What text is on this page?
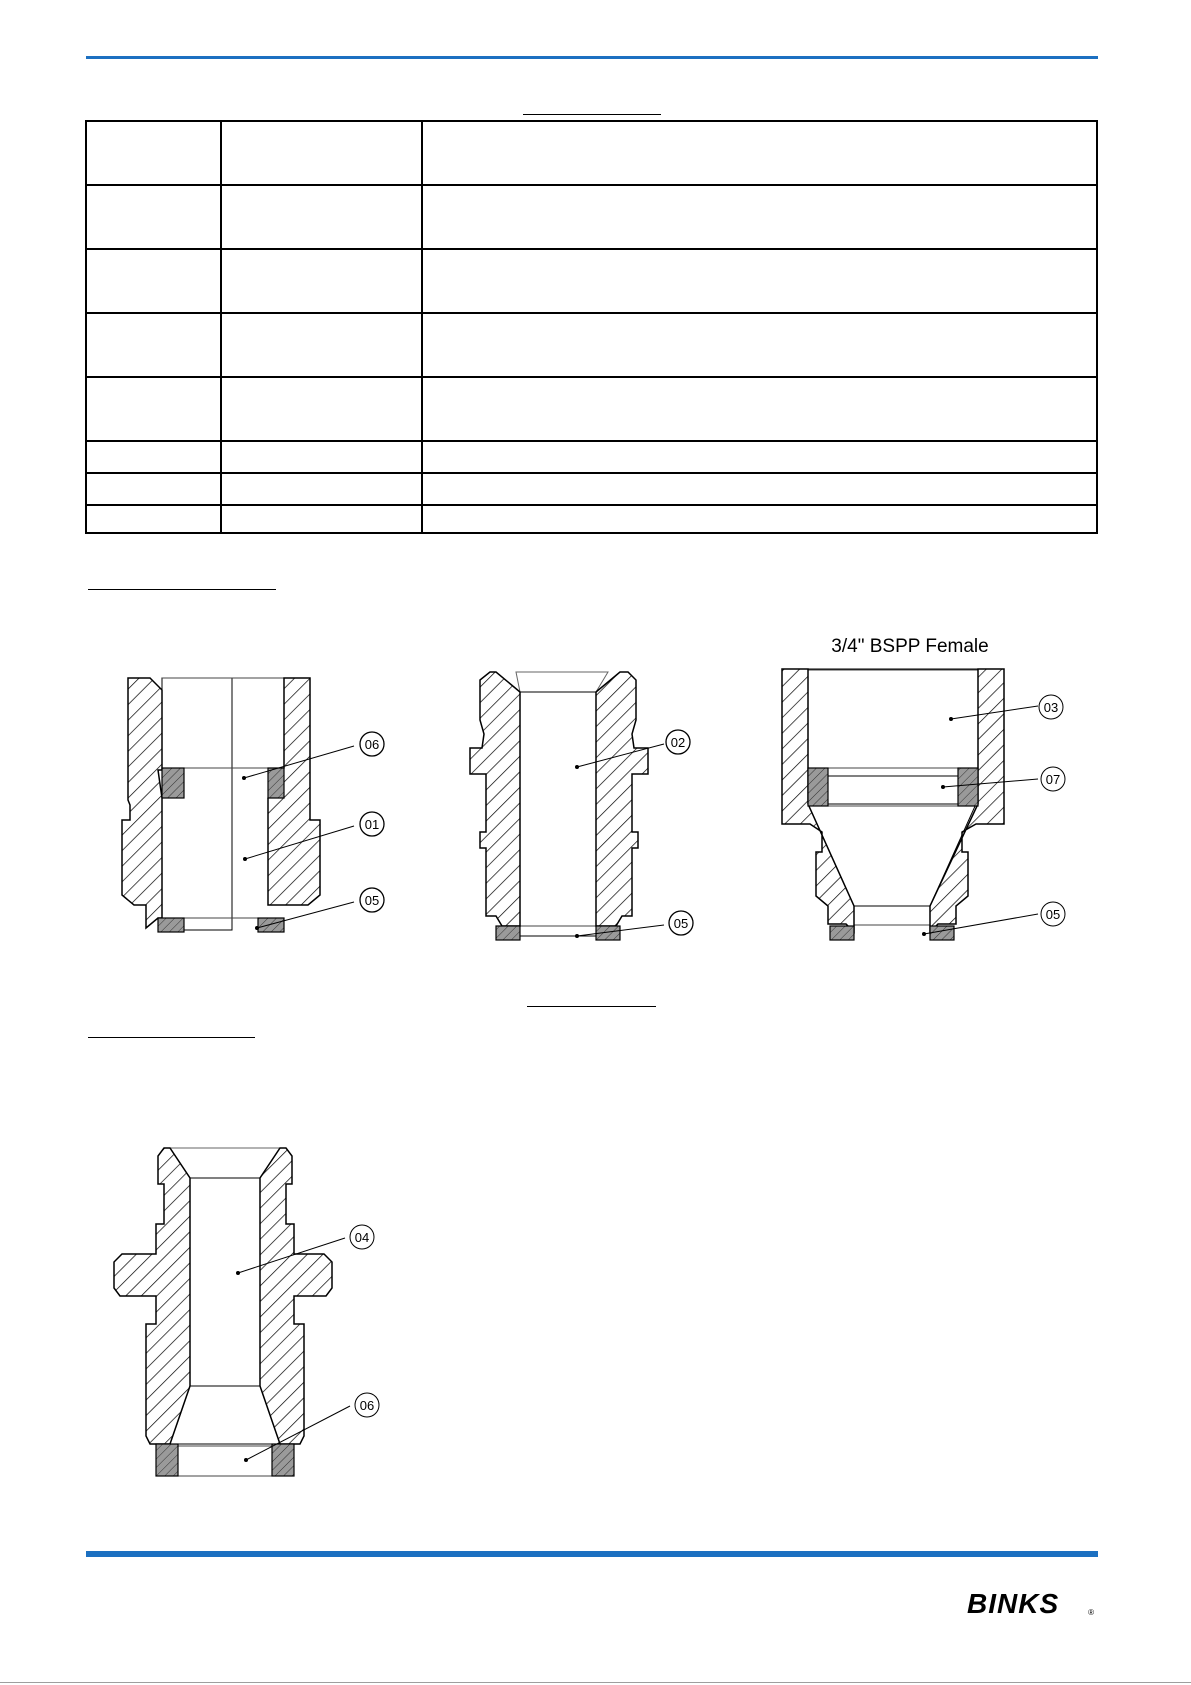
06
01
05
02
05
3/4" BSPP Female
03
07
05
04
06
BINKS	®
